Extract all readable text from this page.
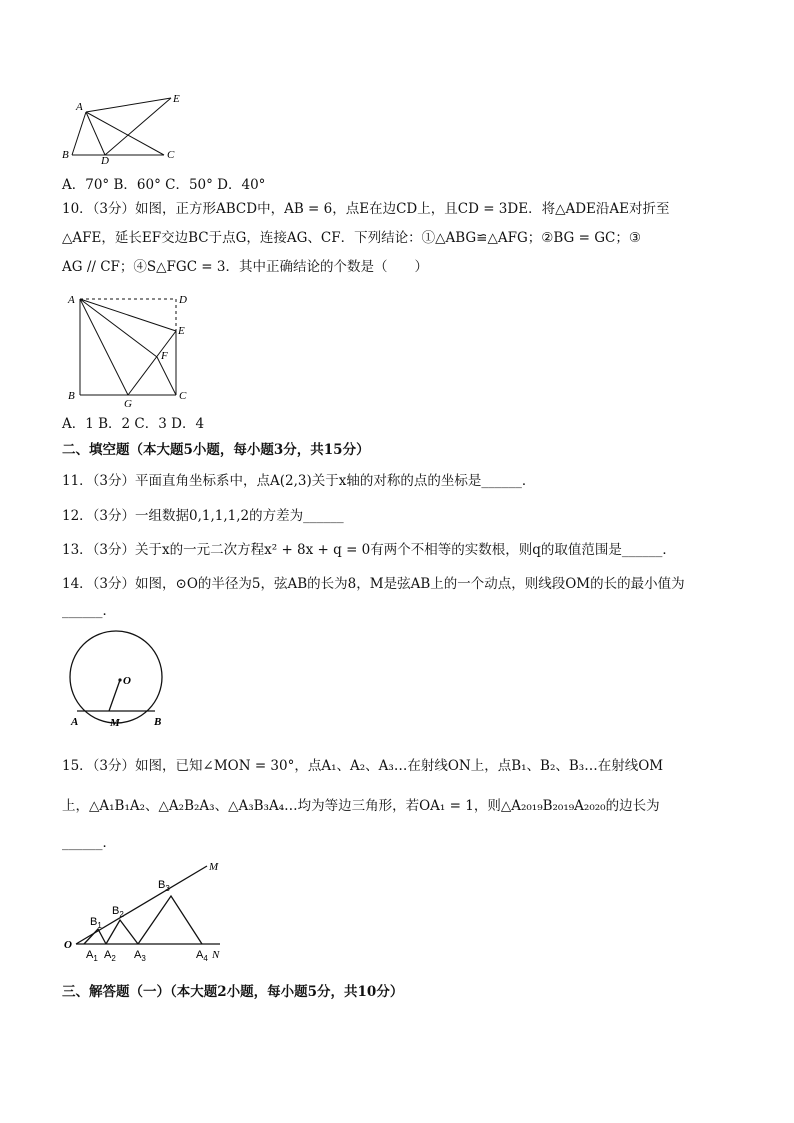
A
E
B	D	C
A．70° B．60° C．50° D．40°
10．（3分）如图，正方形ABCD中，AB = 6，点E在边CD上，且CD = 3DE．将△ADE沿AE对折至
△AFE，延长EF交边BC于点G，连接AG、CF．下列结论：①△ABG≌△AFG；②BG = GC；③
AG // CF；④S△FGC = 3．其中正确结论的个数是（　　）
A	D
E
F
B
G
C
A．1 B．2 C．3 D．4
二、填空题（本大题5小题，每小题3分，共15分）
11．（3分）平面直角坐标系中，点A(2,3)关于x轴的对称的点的坐标是______．
12．（3分）一组数据0,1,1,1,2的方差为______
13．（3分）关于x的一元二次方程x² + 8x + q = 0有两个不相等的实数根，则q的取值范围是______．
14．（3分）如图，⊙O的半径为5，弦AB的长为8，M是弦AB上的一个动点，则线段OM的长的最小值为
______．
O
A	M	B
15．（3分）如图，已知∠MON = 30°，点A₁、A₂、A₃…在射线ON上，点B₁、B₂、B₃…在射线OM
上，△A₁B₁A₂、△A₂B₂A₃、△A₃B₃A₄…均为等边三角形，若OA₁ = 1，则△A₂₀₁₉B₂₀₁₉A₂₀₂₀的边长为
______．
M
O
N
$B_1$
$B_2$
$B_3$
$A_1$ $A_2$ $A_3$	$A_4$
三、解答题（一）（本大题2小题，每小题5分，共10分）
